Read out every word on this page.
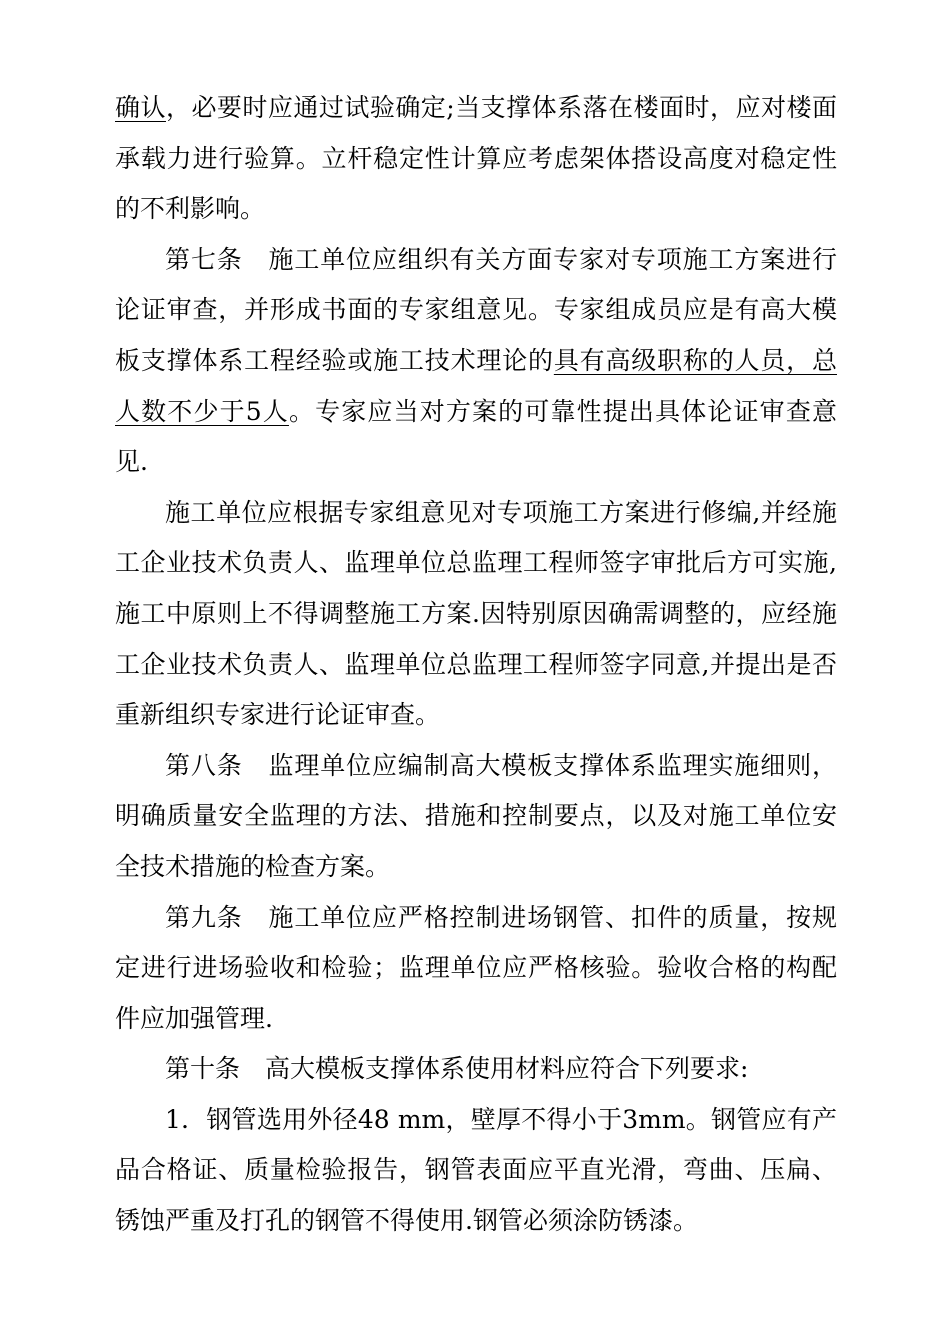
确认，必要时应通过试验确定;当支撑体系落在楼面时，应对楼面承载力进行验算。立杆稳定性计算应考虑架体搭设高度对稳定性的不利影响。

第七条 施工单位应组织有关方面专家对专项施工方案进行论证审查，并形成书面的专家组意见。专家组成员应是有高大模板支撑体系工程经验或施工技术理论的具有高级职称的人员，总人数不少于5人。专家应当对方案的可靠性提出具体论证审查意见.

施工单位应根据专家组意见对专项施工方案进行修编,并经施工企业技术负责人、监理单位总监理工程师签字审批后方可实施,施工中原则上不得调整施工方案.因特别原因确需调整的，应经施工企业技术负责人、监理单位总监理工程师签字同意,并提出是否重新组织专家进行论证审查。

第八条 监理单位应编制高大模板支撑体系监理实施细则，明确质量安全监理的方法、措施和控制要点，以及对施工单位安全技术措施的检查方案。

第九条 施工单位应严格控制进场钢管、扣件的质量，按规定进行进场验收和检验；监理单位应严格核验。验收合格的构配件应加强管理.

第十条 高大模板支撑体系使用材料应符合下列要求:

1．钢管选用外径48 mm，壁厚不得小于3mm。钢管应有产品合格证、质量检验报告，钢管表面应平直光滑，弯曲、压扁、锈蚀严重及打孔的钢管不得使用.钢管必须涂防锈漆。
